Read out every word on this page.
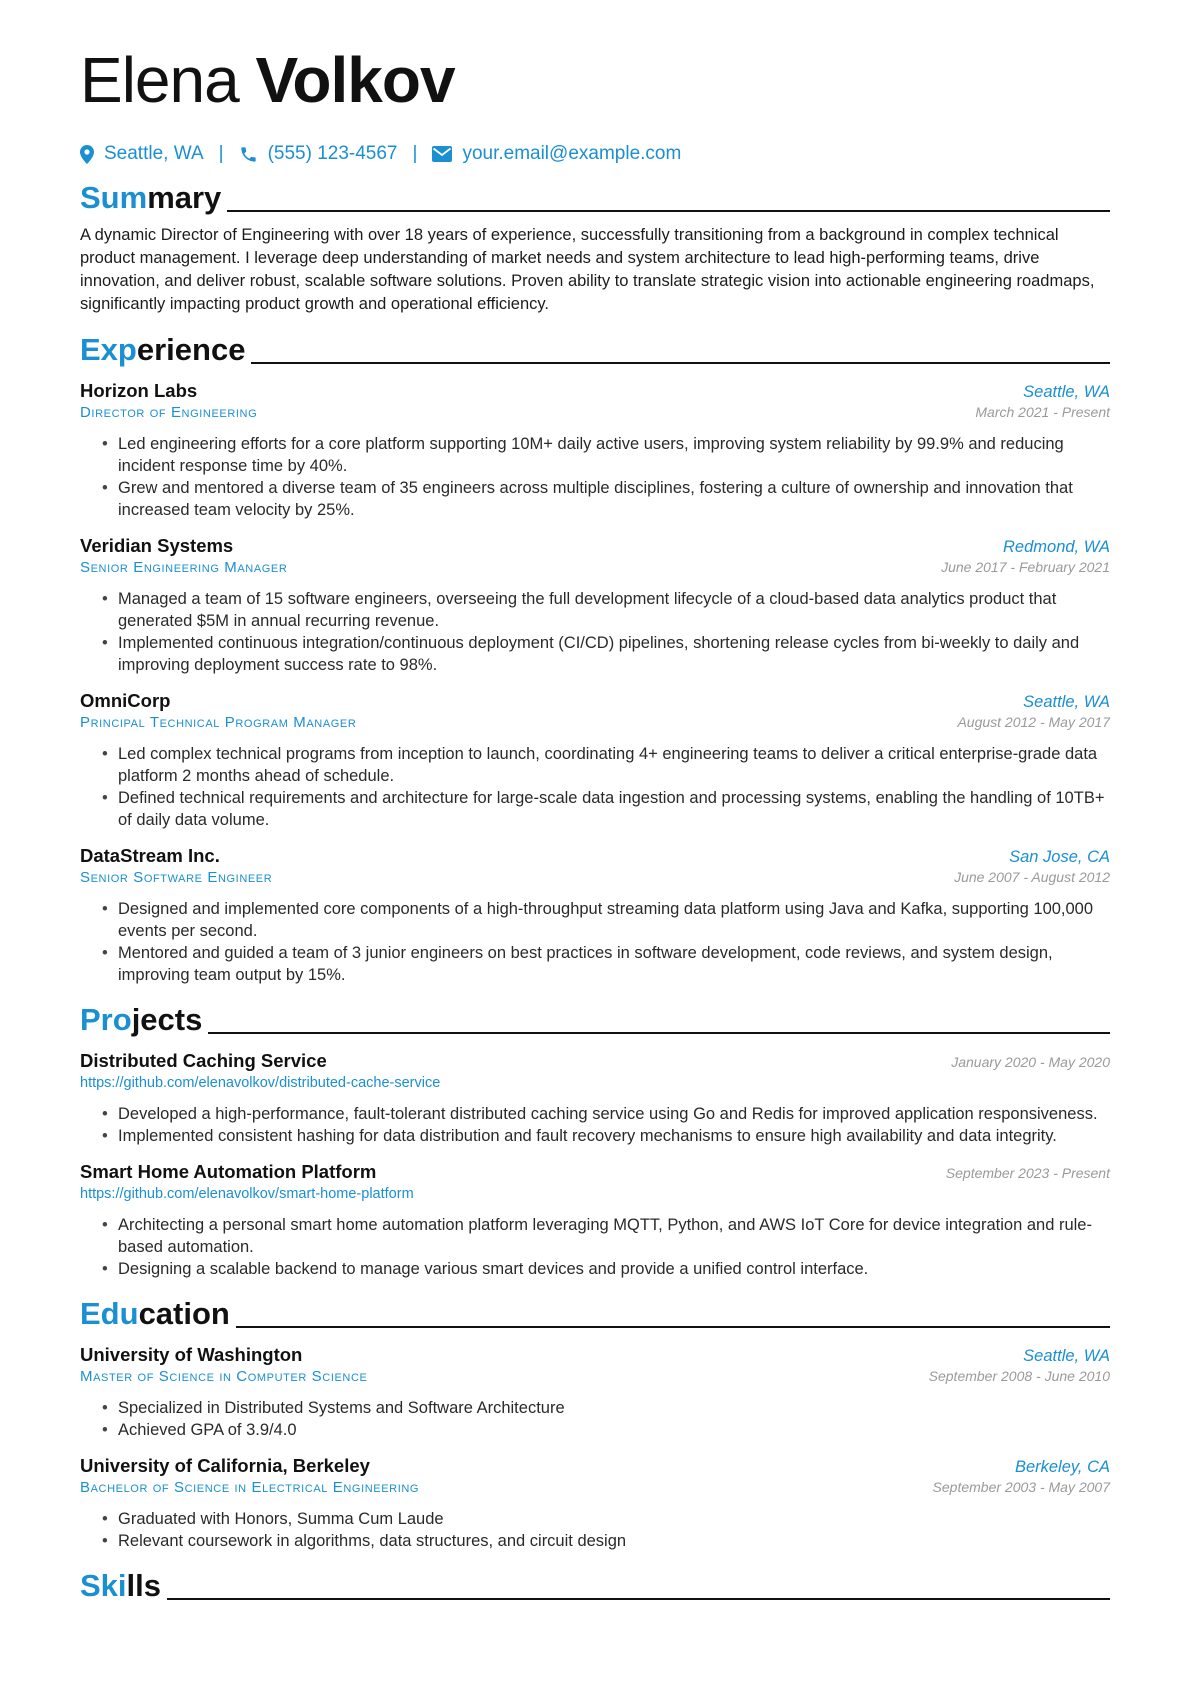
Elena Volkov
Seattle, WA | (555) 123-4567 | your.email@example.com
Summary
A dynamic Director of Engineering with over 18 years of experience, successfully transitioning from a background in complex technical product management. I leverage deep understanding of market needs and system architecture to lead high-performing teams, drive innovation, and deliver robust, scalable software solutions. Proven ability to translate strategic vision into actionable engineering roadmaps, significantly impacting product growth and operational efficiency.
Experience
Horizon Labs	Seattle, WA
Director of Engineering	March 2021 - Present
• Led engineering efforts for a core platform supporting 10M+ daily active users, improving system reliability by 99.9% and reducing incident response time by 40%.
• Grew and mentored a diverse team of 35 engineers across multiple disciplines, fostering a culture of ownership and innovation that increased team velocity by 25%.
Veridian Systems	Redmond, WA
Senior Engineering Manager	June 2017 - February 2021
• Managed a team of 15 software engineers, overseeing the full development lifecycle of a cloud-based data analytics product that generated $5M in annual recurring revenue.
• Implemented continuous integration/continuous deployment (CI/CD) pipelines, shortening release cycles from bi-weekly to daily and improving deployment success rate to 98%.
OmniCorp	Seattle, WA
Principal Technical Program Manager	August 2012 - May 2017
• Led complex technical programs from inception to launch, coordinating 4+ engineering teams to deliver a critical enterprise-grade data platform 2 months ahead of schedule.
• Defined technical requirements and architecture for large-scale data ingestion and processing systems, enabling the handling of 10TB+ of daily data volume.
DataStream Inc.	San Jose, CA
Senior Software Engineer	June 2007 - August 2012
• Designed and implemented core components of a high-throughput streaming data platform using Java and Kafka, supporting 100,000 events per second.
• Mentored and guided a team of 3 junior engineers on best practices in software development, code reviews, and system design, improving team output by 15%.
Projects
Distributed Caching Service	January 2020 - May 2020
https://github.com/elenavolkov/distributed-cache-service
• Developed a high-performance, fault-tolerant distributed caching service using Go and Redis for improved application responsiveness.
• Implemented consistent hashing for data distribution and fault recovery mechanisms to ensure high availability and data integrity.
Smart Home Automation Platform	September 2023 - Present
https://github.com/elenavolkov/smart-home-platform
• Architecting a personal smart home automation platform leveraging MQTT, Python, and AWS IoT Core for device integration and rule-based automation.
• Designing a scalable backend to manage various smart devices and provide a unified control interface.
Education
University of Washington	Seattle, WA
Master of Science in Computer Science	September 2008 - June 2010
• Specialized in Distributed Systems and Software Architecture
• Achieved GPA of 3.9/4.0
University of California, Berkeley	Berkeley, CA
Bachelor of Science in Electrical Engineering	September 2003 - May 2007
• Graduated with Honors, Summa Cum Laude
• Relevant coursework in algorithms, data structures, and circuit design
Skills
